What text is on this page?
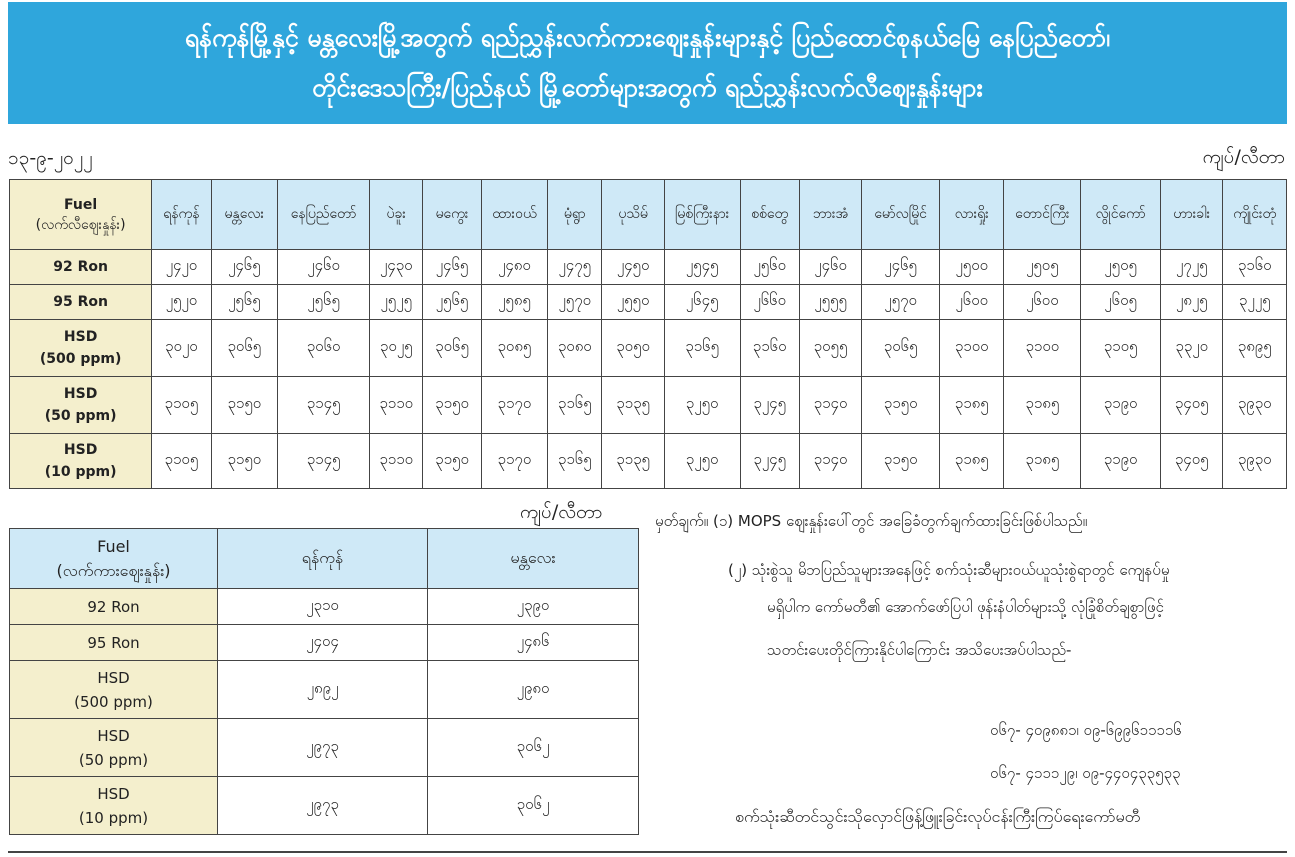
ရန်ကုန်မြို့နှင့် မန္တလေးမြို့အတွက် ရည်ညွှန်းလက်ကားဈေးနှုန်းများနှင့် ပြည်ထောင်စုနယ်မြေ နေပြည်တော်၊
တိုင်းဒေသကြီး/ပြည်နယ် မြို့တော်များအတွက် ရည်ညွှန်းလက်လီဈေးနှုန်းများ
၁၃-၉-၂၀၂၂	ကျပ်/လီတာ
Fuel
(လက်လီဈေးနှုန်း)	ရန်ကုန်	မန္တလေး	နေပြည်တော်	ပဲခူး	မကွေး	ထားဝယ်	မုံရွာ	ပုသိမ်	မြစ်ကြီးနား	စစ်တွေ	ဘားအံ	မော်လမြိုင်	လားရှိုး	တောင်ကြီး	လွိုင်ကော်	ဟားခါး	ကျိုင်းတုံ

92 Ron	၂၄၂၀	၂၄၆၅	၂၄၆၀	၂၄၃၀	၂၄၆၅	၂၄၈၀	၂၄၇၅	၂၄၅၀	၂၅၄၅	၂၅၆၀	၂၄၆၀	၂၄၆၅	၂၅၀၀	၂၅၀၅	၂၅၀၅	၂၇၂၅	၃၁၆၀

95 Ron	၂၅၂၀	၂၅၆၅	၂၅၆၅	၂၅၂၅	၂၅၆၅	၂၅၈၅	၂၅၇၀	၂၅၅၀	၂၆၄၅	၂၆၆၀	၂၅၅၅	၂၅၇၀	၂၆၀၀	၂၆၀၀	၂၆၀၅	၂၈၂၅	၃၂၂၅

HSD
(500 ppm)	၃၀၂၀	၃၀၆၅	၃၀၆၀	၃၀၂၅	၃၀၆၅	၃၀၈၅	၃၀၈၀	၃၀၅၀	၃၁၆၅	၃၁၆၀	၃၀၅၅	၃၀၆၅	၃၁၀၀	၃၁၀၀	၃၁၀၅	၃၃၂၀	၃၈၉၅

HSD
(50 ppm)	၃၁၀၅	၃၁၅၀	၃၁၄၅	၃၁၁၀	၃၁၅၀	၃၁၇၀	၃၁၆၅	၃၁၃၅	၃၂၅၀	၃၂၄၅	၃၁၄၀	၃၁၅၀	၃၁၈၅	၃၁၈၅	၃၁၉၀	၃၄၀၅	၃၉၃၀

HSD
(10 ppm)	၃၁၀၅	၃၁၅၀	၃၁၄၅	၃၁၁၀	၃၁၅၀	၃၁၇၀	၃၁၆၅	၃၁၃၅	၃၂၅၀	၃၂၄၅	၃၁၄၀	၃၁၅၀	၃၁၈၅	၃၁၈၅	၃၁၉၀	၃၄၀၅	၃၉၃၀
ကျပ်/လီတာ
Fuel
(လက်ကားဈေးနှုန်း)	ရန်ကုန်	မန္တလေး

92 Ron	၂၃၁၀	၂၃၉၀

95 Ron	၂၄၀၄	၂၄၈၆

HSD
(500 ppm)	၂၈၉၂	၂၉၈၀

HSD
(50 ppm)	၂၉၇၃	၃၀၆၂

HSD
(10 ppm)	၂၉၇၃	၃၀၆၂
မှတ်ချက်။ (၁) MOPS ဈေးနှုန်းပေါ်တွင် အခြေခံတွက်ချက်ထားခြင်းဖြစ်ပါသည်။
(၂) သုံးစွဲသူ မိဘပြည်သူများအနေဖြင့် စက်သုံးဆီများဝယ်ယူသုံးစွဲရာတွင် ကျေနပ်မှု
မရှိပါက ကော်မတီ၏ အောက်ဖော်ပြပါ ဖုန်းနံပါတ်များသို့ လုံခြုံစိတ်ချစွာဖြင့်
သတင်းပေးတိုင်ကြားနိုင်ပါကြောင်း အသိပေးအပ်ပါသည်-
၀၆၇- ၄၀၉၈၈၁၊ ၀၉-၆၉၉၆၁၁၁၁၆
၀၆၇- ၄၁၁၁၂၉၊ ၀၉-၄၄၀၄၃၃၅၃၃
စက်သုံးဆီတင်သွင်းသိုလှောင်ဖြန့်ဖြူးခြင်းလုပ်ငန်းကြီးကြပ်ရေးကော်မတီ
